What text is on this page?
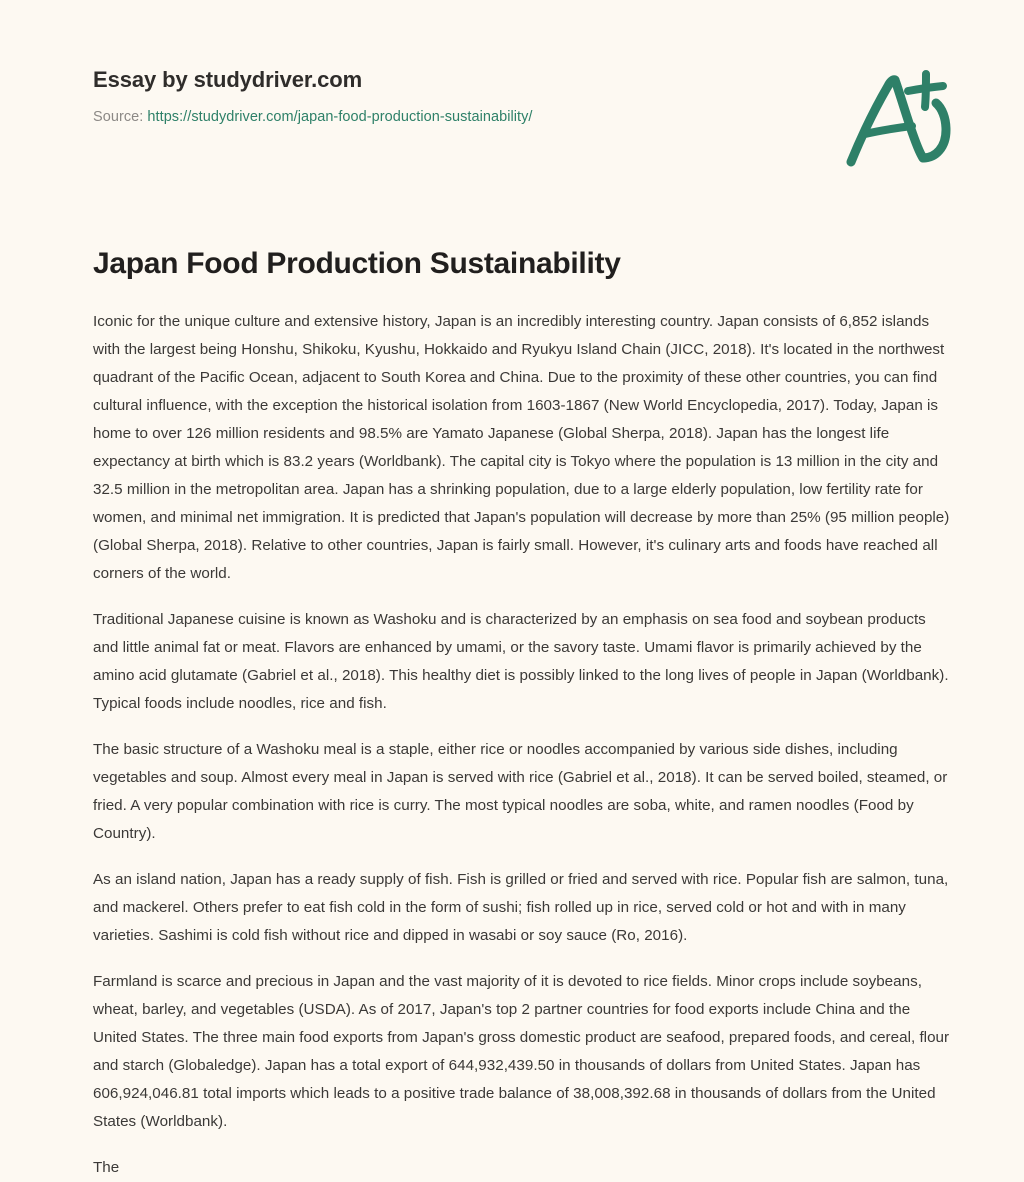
Essay by studydriver.com
Source: https://studydriver.com/japan-food-production-sustainability/
Japan Food Production Sustainability

Iconic for the unique culture and extensive history, Japan is an incredibly interesting country. Japan consists of 6,852 islands with the largest being Honshu, Shikoku, Kyushu, Hokkaido and Ryukyu Island Chain (JICC, 2018). It's located in the northwest quadrant of the Pacific Ocean, adjacent to South Korea and China. Due to the proximity of these other countries, you can find cultural influence, with the exception the historical isolation from 1603-1867 (New World Encyclopedia, 2017). Today, Japan is home to over 126 million residents and 98.5% are Yamato Japanese (Global Sherpa, 2018). Japan has the longest life expectancy at birth which is 83.2 years (Worldbank). The capital city is Tokyo where the population is 13 million in the city and 32.5 million in the metropolitan area. Japan has a shrinking population, due to a large elderly population, low fertility rate for women, and minimal net immigration. It is predicted that Japan's population will decrease by more than 25% (95 million people) (Global Sherpa, 2018). Relative to other countries, Japan is fairly small. However, it's culinary arts and foods have reached all corners of the world.

Traditional Japanese cuisine is known as Washoku and is characterized by an emphasis on sea food and soybean products and little animal fat or meat. Flavors are enhanced by umami, or the savory taste. Umami flavor is primarily achieved by the amino acid glutamate (Gabriel et al., 2018). This healthy diet is possibly linked to the long lives of people in Japan (Worldbank). Typical foods include noodles, rice and fish.

The basic structure of a Washoku meal is a staple, either rice or noodles accompanied by various side dishes, including vegetables and soup. Almost every meal in Japan is served with rice (Gabriel et al., 2018). It can be served boiled, steamed, or fried. A very popular combination with rice is curry. The most typical noodles are soba, white, and ramen noodles (Food by Country).

As an island nation, Japan has a ready supply of fish. Fish is grilled or fried and served with rice. Popular fish are salmon, tuna, and mackerel. Others prefer to eat fish cold in the form of sushi; fish rolled up in rice, served cold or hot and with in many varieties. Sashimi is cold fish without rice and dipped in wasabi or soy sauce (Ro, 2016).

Farmland is scarce and precious in Japan and the vast majority of it is devoted to rice fields. Minor crops include soybeans, wheat, barley, and vegetables (USDA). As of 2017, Japan's top 2 partner countries for food exports include China and the United States. The three main food exports from Japan's gross domestic product are seafood, prepared foods, and cereal, flour and starch (Globaledge). Japan has a total export of 644,932,439.50 in thousands of dollars from United States. Japan has 606,924,046.81 total imports which leads to a positive trade balance of 38,008,392.68 in thousands of dollars from the United States (Worldbank).

The
